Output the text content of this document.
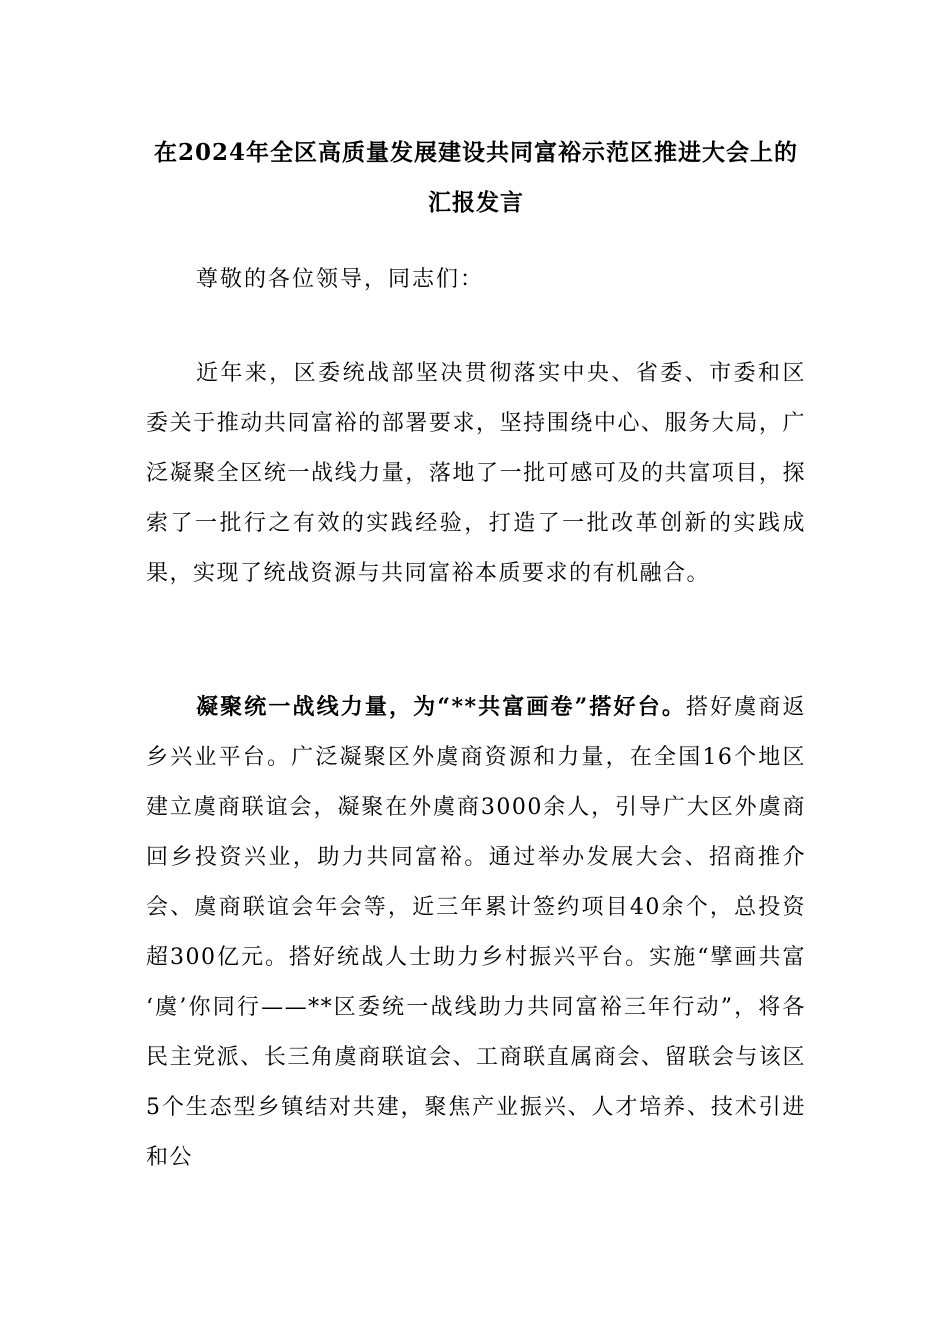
在2024年全区高质量发展建设共同富裕示范区推进大会上的汇报发言

尊敬的各位领导，同志们：

近年来，区委统战部坚决贯彻落实中央、省委、市委和区委关于推动共同富裕的部署要求，坚持围绕中心、服务大局，广泛凝聚全区统一战线力量，落地了一批可感可及的共富项目，探索了一批行之有效的实践经验，打造了一批改革创新的实践成果，实现了统战资源与共同富裕本质要求的有机融合。

凝聚统一战线力量，为“**共富画卷”搭好台。搭好虞商返乡兴业平台。广泛凝聚区外虞商资源和力量，在全国16个地区建立虞商联谊会，凝聚在外虞商3000余人，引导广大区外虞商回乡投资兴业，助力共同富裕。通过举办发展大会、招商推介会、虞商联谊会年会等，近三年累计签约项目40余个，总投资超300亿元。搭好统战人士助力乡村振兴平台。实施“擘画共富 ‘虞’你同行——**区委统一战线助力共同富裕三年行动”，将各民主党派、长三角虞商联谊会、工商联直属商会、留联会与该区5个生态型乡镇结对共建，聚焦产业振兴、人才培养、技术引进和公
